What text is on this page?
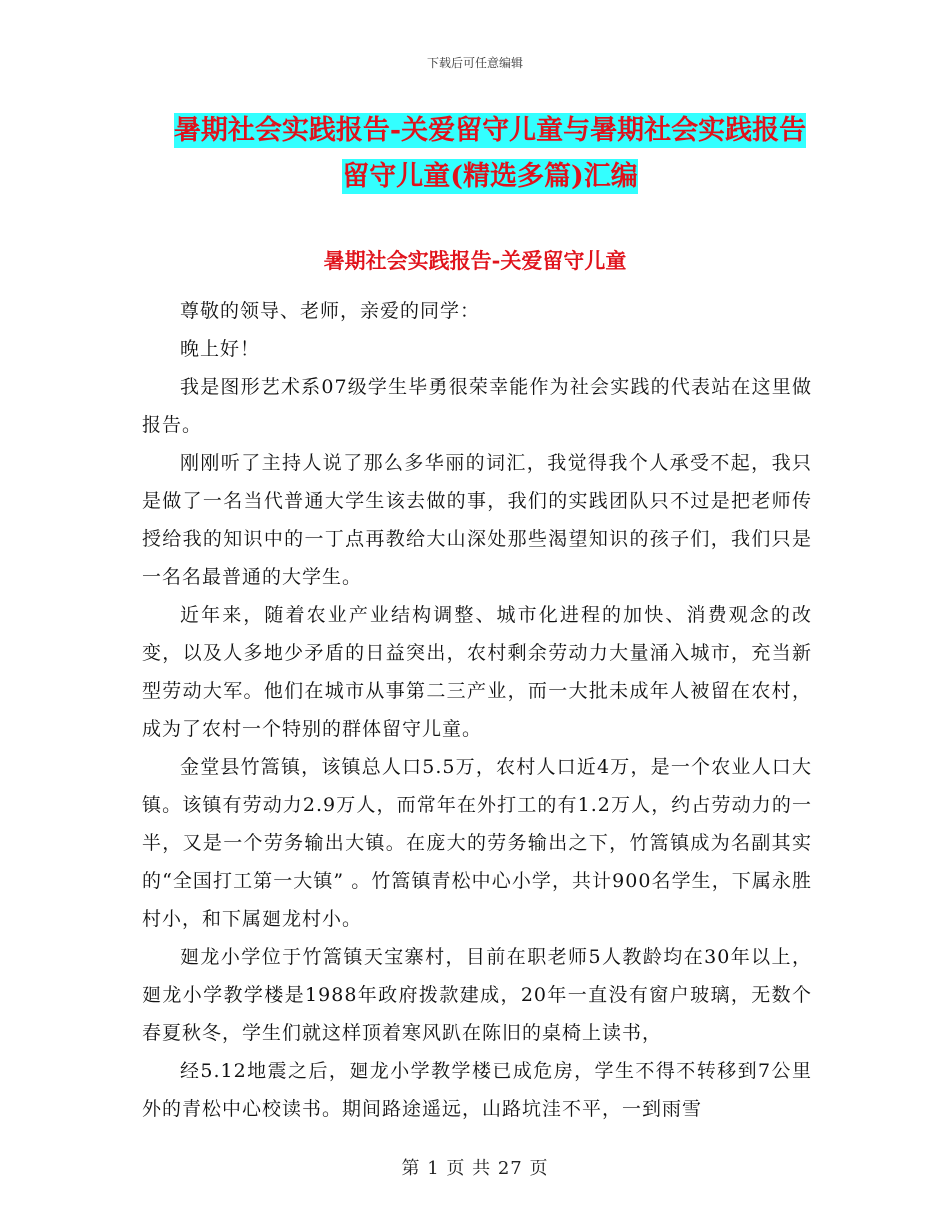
下载后可任意编辑
暑期社会实践报告-关爱留守儿童与暑期社会实践报告
留守儿童(精选多篇)汇编
暑期社会实践报告-关爱留守儿童

尊敬的领导、老师，亲爱的同学：

晚上好！

我是图形艺术系07级学生毕勇很荣幸能作为社会实践的代表站在这里做报告。

刚刚听了主持人说了那么多华丽的词汇，我觉得我个人承受不起，我只是做了一名当代普通大学生该去做的事，我们的实践团队只不过是把老师传授给我的知识中的一丁点再教给大山深处那些渴望知识的孩子们，我们只是一名名最普通的大学生。

近年来，随着农业产业结构调整、城市化进程的加快、消费观念的改变，以及人多地少矛盾的日益突出，农村剩余劳动力大量涌入城市，充当新型劳动大军。他们在城市从事第二三产业，而一大批未成年人被留在农村，成为了农村一个特别的群体留守儿童。

金堂县竹篙镇，该镇总人口5.5万，农村人口近4万，是一个农业人口大镇。该镇有劳动力2.9万人，而常年在外打工的有1.2万人，约占劳动力的一半，又是一个劳务输出大镇。在庞大的劳务输出之下，竹篙镇成为名副其实的“全国打工第一大镇” 。竹篙镇青松中心小学，共计900名学生，下属永胜村小，和下属廻龙村小。

廻龙小学位于竹篙镇天宝寨村，目前在职老师5人教龄均在30年以上，廻龙小学教学楼是1988年政府拨款建成，20年一直没有窗户玻璃，无数个春夏秋冬，学生们就这样顶着寒风趴在陈旧的桌椅上读书，

经5.12地震之后，廻龙小学教学楼已成危房，学生不得不转移到7公里外的青松中心校读书。期间路途遥远，山路坑洼不平，一到雨雪

第 1 页 共 27 页
